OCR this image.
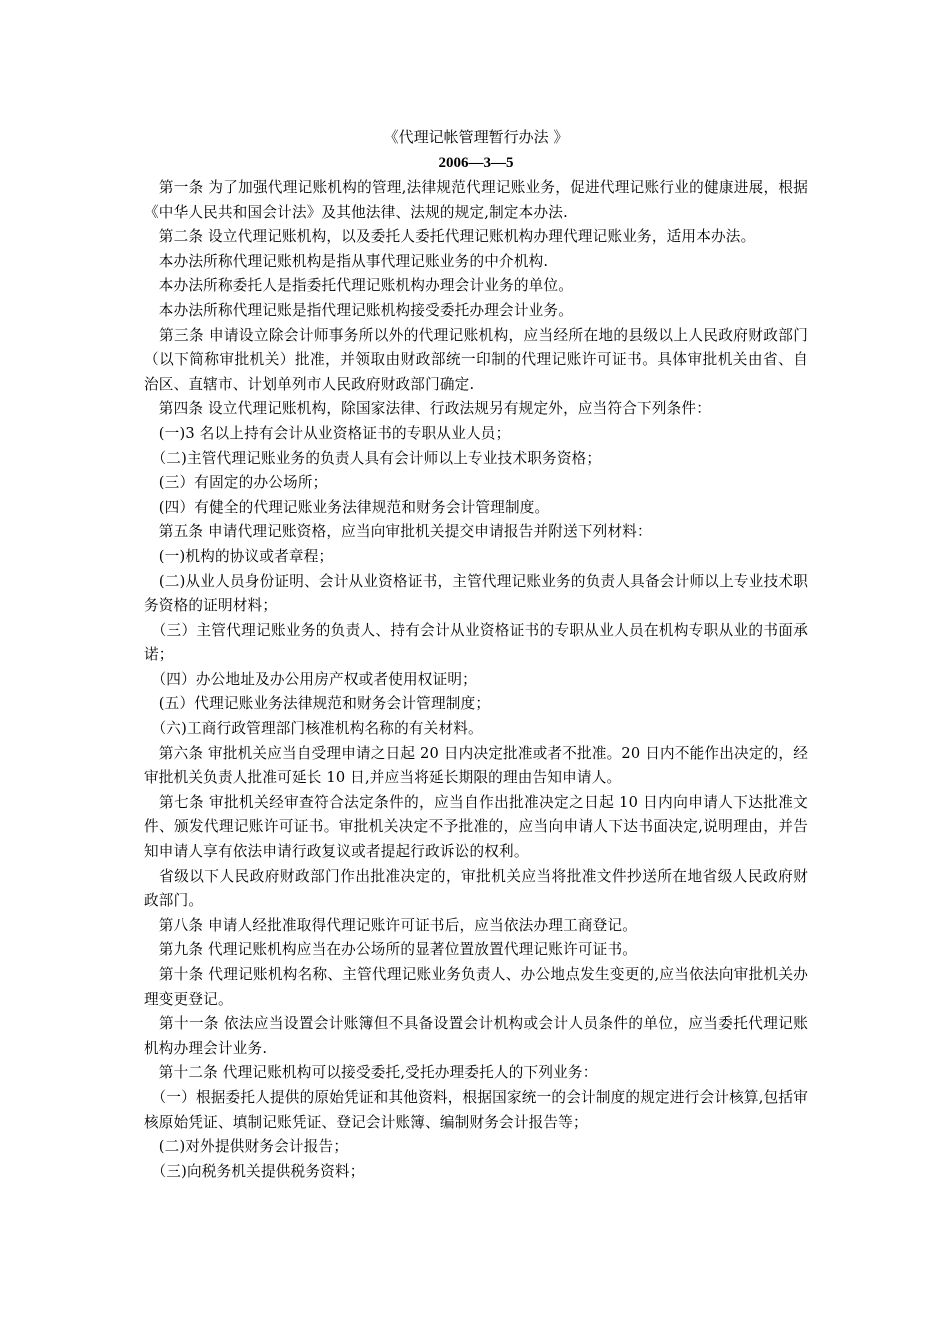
《代理记帐管理暂行办法 》

2006—3—5

　第一条 为了加强代理记账机构的管理,法律规范代理记账业务，促进代理记账行业的健康进展，根据《中华人民共和国会计法》及其他法律、法规的规定,制定本办法.

　第二条 设立代理记账机构，以及委托人委托代理记账机构办理代理记账业务，适用本办法。

　本办法所称代理记账机构是指从事代理记账业务的中介机构.

　本办法所称委托人是指委托代理记账机构办理会计业务的单位。

　本办法所称代理记账是指代理记账机构接受委托办理会计业务。

　第三条 申请设立除会计师事务所以外的代理记账机构，应当经所在地的县级以上人民政府财政部门（以下简称审批机关）批准，并领取由财政部统一印制的代理记账许可证书。具体审批机关由省、自治区、直辖市、计划单列市人民政府财政部门确定.

　第四条 设立代理记账机构，除国家法律、行政法规另有规定外，应当符合下列条件：

　(一)3 名以上持有会计从业资格证书的专职从业人员；

　（二)主管代理记账业务的负责人具有会计师以上专业技术职务资格；

　(三）有固定的办公场所；

　(四）有健全的代理记账业务法律规范和财务会计管理制度。

　第五条 申请代理记账资格，应当向审批机关提交申请报告并附送下列材料：

　(一)机构的协议或者章程；

　(二)从业人员身份证明、会计从业资格证书，主管代理记账业务的负责人具备会计师以上专业技术职务资格的证明材料；

　（三）主管代理记账业务的负责人、持有会计从业资格证书的专职从业人员在机构专职从业的书面承诺；

　（四）办公地址及办公用房产权或者使用权证明；

　(五）代理记账业务法律规范和财务会计管理制度；

　（六)工商行政管理部门核准机构名称的有关材料。

　第六条 审批机关应当自受理申请之日起 20 日内决定批准或者不批准。20 日内不能作出决定的，经审批机关负责人批准可延长 10 日,并应当将延长期限的理由告知申请人。

　第七条 审批机关经审查符合法定条件的，应当自作出批准决定之日起 10 日内向申请人下达批准文件、颁发代理记账许可证书。审批机关决定不予批准的，应当向申请人下达书面决定,说明理由，并告知申请人享有依法申请行政复议或者提起行政诉讼的权利。

　省级以下人民政府财政部门作出批准决定的，审批机关应当将批准文件抄送所在地省级人民政府财政部门。

　第八条 申请人经批准取得代理记账许可证书后，应当依法办理工商登记。

　第九条 代理记账机构应当在办公场所的显著位置放置代理记账许可证书。

　第十条 代理记账机构名称、主管代理记账业务负责人、办公地点发生变更的,应当依法向审批机关办理变更登记。

　第十一条 依法应当设置会计账簿但不具备设置会计机构或会计人员条件的单位，应当委托代理记账机构办理会计业务.

　第十二条 代理记账机构可以接受委托,受托办理委托人的下列业务：

　（一）根据委托人提供的原始凭证和其他资料，根据国家统一的会计制度的规定进行会计核算,包括审核原始凭证、填制记账凭证、登记会计账簿、编制财务会计报告等；

　(二)对外提供财务会计报告；

　（三)向税务机关提供税务资料；
